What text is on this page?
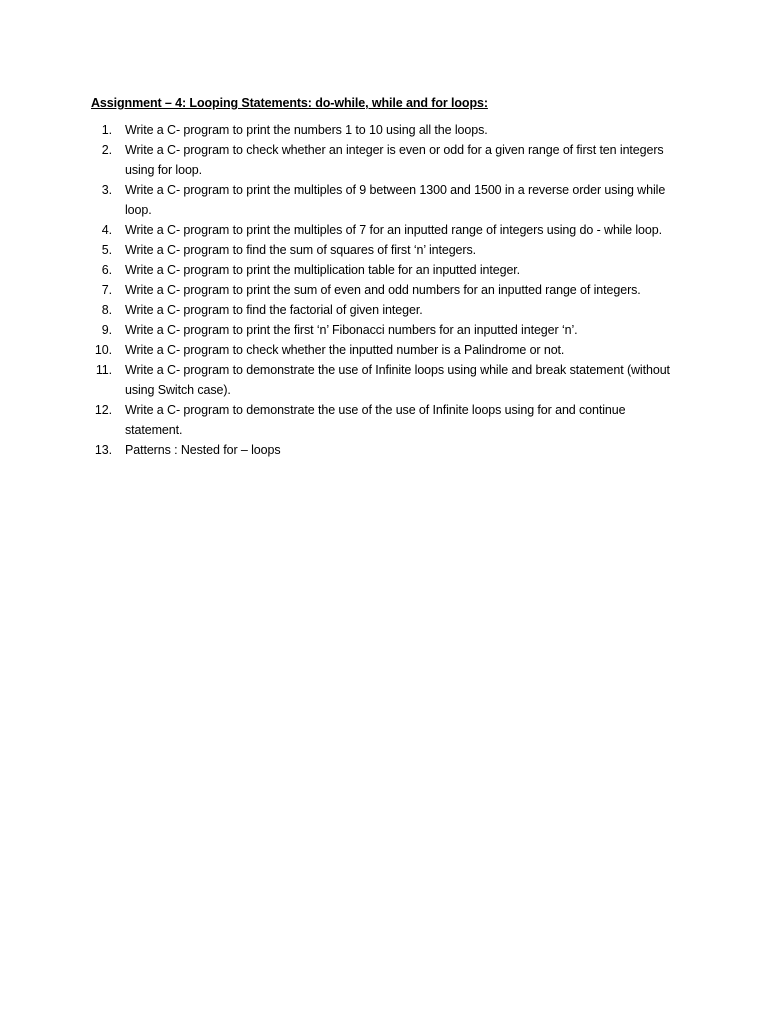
Assignment – 4: Looping Statements: do-while, while and for loops:
1.	Write a C- program to print the numbers 1 to 10 using all the loops.
2.	Write a C- program to check whether an integer is even or odd for a given range of first ten integers using for loop.
3.	Write a C- program to print the multiples of 9 between 1300 and 1500 in a reverse order using while loop.
4.	Write a C- program to print the multiples of 7 for an inputted range of integers using do - while loop.
5.	Write a C- program to find the sum of squares of first ‘n’ integers.
6.	Write a C- program to print the multiplication table for an inputted integer.
7.	Write a C- program to print the sum of even and odd numbers for an inputted range of integers.
8.	Write a C- program to find the factorial of given integer.
9.	Write a C- program to print the first ‘n’ Fibonacci numbers for an inputted integer ‘n’.
10.	Write a C- program to check whether the inputted number is a Palindrome or not.
11.	Write a C- program to demonstrate the use of Infinite loops using while and break statement (without using Switch case).
12.	Write a C- program to demonstrate the use of the use of Infinite loops using for and continue statement.
13.	Patterns : Nested for – loops
